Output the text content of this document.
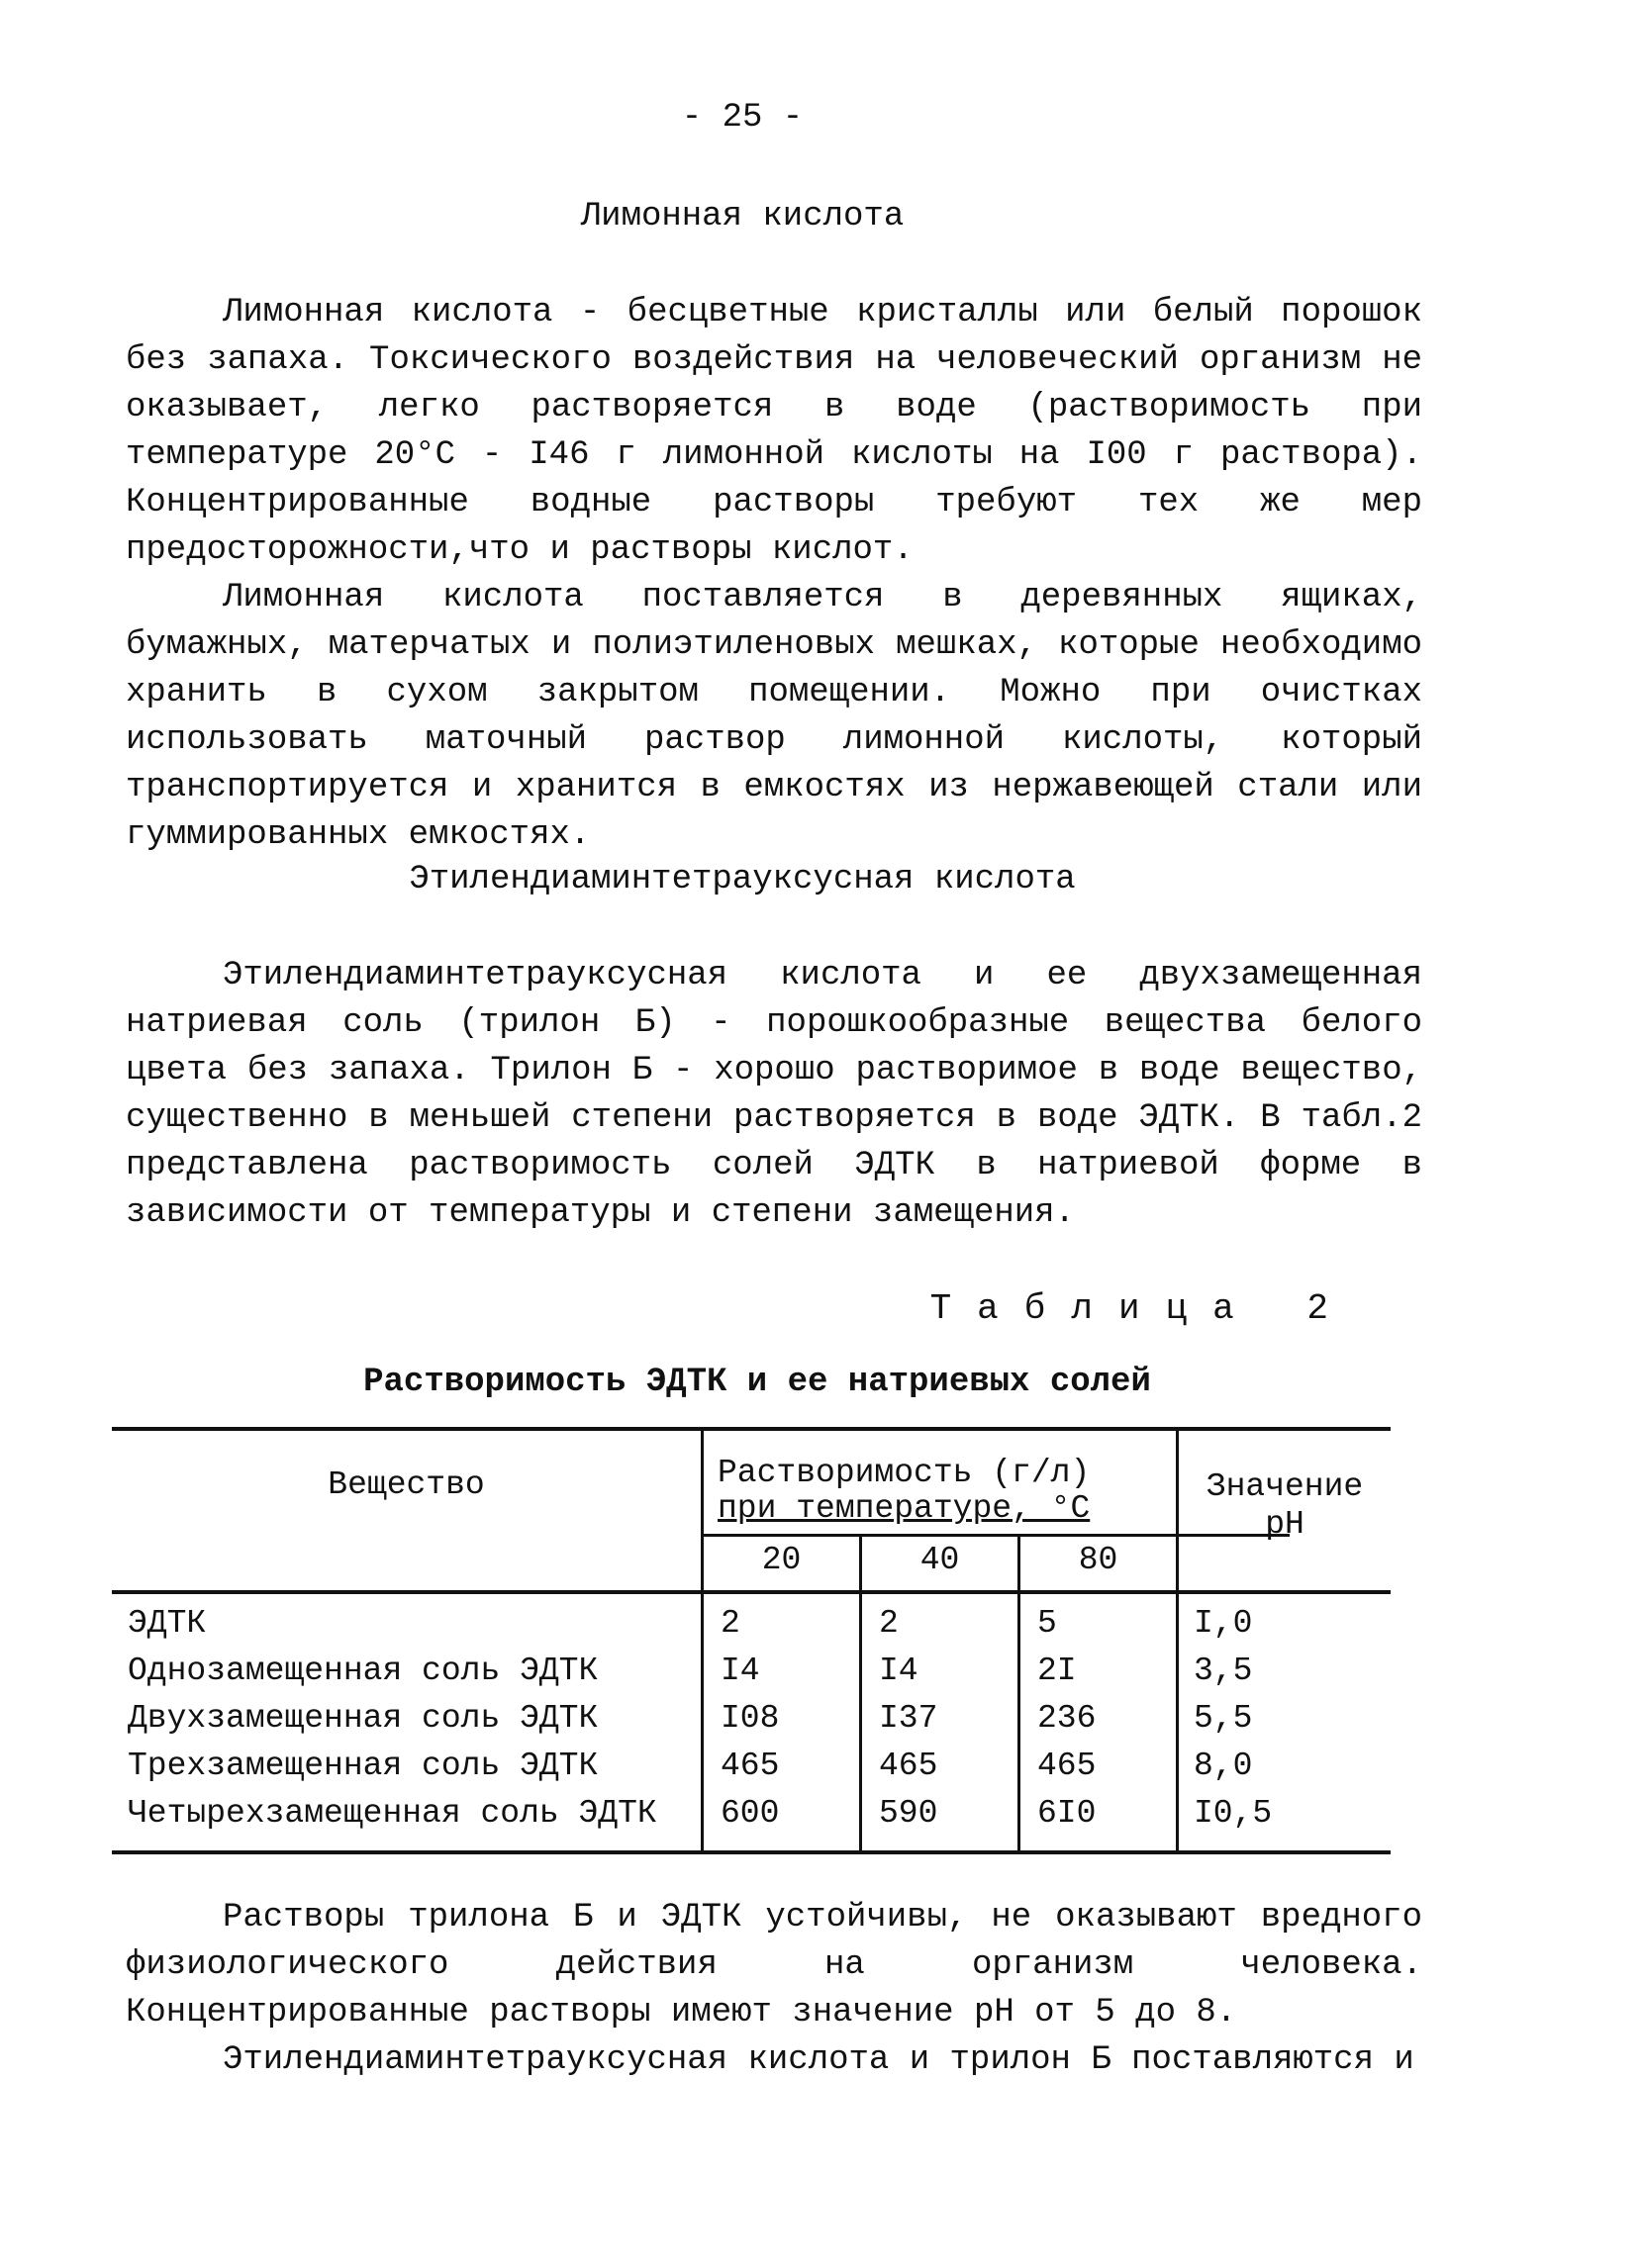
- 25 -
Лимонная кислота

Лимонная кислота - бесцветные кристаллы или белый порошок без запаха. Токсического воздействия на человеческий организм не оказывает, легко растворяется в воде (растворимость при температуре 20°С - I46 г лимонной кислоты на I00 г раствора). Концентрированные водные растворы требуют тех же мер предосторожности,что и растворы кислот.

Лимонная кислота поставляется в деревянных ящиках, бумажных, матерчатых и полиэтиленовых мешках, которые необходимо хранить в сухом закрытом помещении. Можно при очистках использовать маточный раствор лимонной кислоты, который транспортируется и хранится в емкостях из нержавеющей стали или гуммированных емкостях.

Этилендиаминтетрауксусная кислота

Этилендиаминтетрауксусная кислота и ее двухзамещенная натриевая соль (трилон Б) - порошкообразные вещества белого цвета без запаха. Трилон Б - хорошо растворимое в воде вещество, существенно в меньшей степени растворяется в воде ЭДТК. В табл.2 представлена растворимость солей ЭДТК в натриевой форме в зависимости от температуры и степени замещения.

Таблица 2
Растворимость ЭДТК и ее натриевых солей
Вещество	Растворимость (г/л)
при температуре, °С
Значение
pH
20	40	80
ЭДТК	2	2	5	I,0
Однозамещенная соль ЭДТК	I4	I4	2I	3,5
Двухзамещенная соль ЭДТК	I08	I37	236	5,5
Трехзамещенная соль ЭДТК	465	465	465	8,0
Четырехзамещенная соль ЭДТК 600	590	6I0	I0,5

Растворы трилона Б и ЭДТК устойчивы, не оказывают вредного физиологического действия на организм человека. Концентрированные растворы имеют значение pH от 5 до 8.

Этилендиаминтетрауксусная кислота и трилон Б поставляются и
